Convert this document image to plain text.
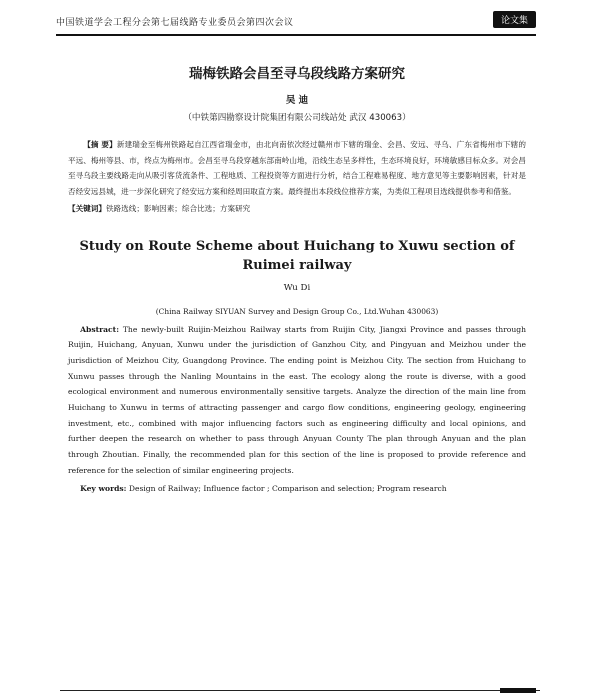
中国铁道学会工程分会第七届线路专业委员会第四次会议	论文集
瑞梅铁路会昌至寻乌段线路方案研究
吴 迪
（中铁第四勘察设计院集团有限公司线站处 武汉 430063）
【摘 要】新建瑞金至梅州铁路起自江西省瑞金市，由北向南依次经过赣州市下辖的瑞金、会昌、安远、寻乌、广东省梅州市下辖的平远、梅州等县、市，终点为梅州市。会昌至寻乌段穿越东部南岭山地，沿线生态呈多样性，生态环境良好，环境敏感目标众多。对会昌至寻乌段主要线路走向从吸引客货流条件、工程地质、工程投资等方面进行分析，结合工程难易程度、地方意见等主要影响因素，针对是否经安远县城，进一步深化研究了经安远方案和经周田取直方案。最终提出本段线位推荐方案，为类似工程项目选线提供参考和借鉴。
【关键词】铁路选线；影响因素；综合比选；方案研究
Study on Route Scheme about Huichang to Xuwu section of Ruimei railway
Wu Di
(China Railway SIYUAN Survey and Design Group Co., Ltd.Wuhan 430063)
Abstract: The newly-built Ruijin-Meizhou Railway starts from Ruijin City, Jiangxi Province and passes through Ruijin, Huichang, Anyuan, Xunwu under the jurisdiction of Ganzhou City, and Pingyuan and Meizhou under the jurisdiction of Meizhou City, Guangdong Province. The ending point is Meizhou City. The section from Huichang to Xunwu passes through the Nanling Mountains in the east. The ecology along the route is diverse, with a good ecological environment and numerous environmentally sensitive targets. Analyze the direction of the main line from Huichang to Xunwu in terms of attracting passenger and cargo flow conditions, engineering geology, engineering investment, etc., combined with major influencing factors such as engineering difficulty and local opinions, and further deepen the research on whether to pass through Anyuan County The plan through Anyuan and the plan through Zhoutian. Finally, the recommended plan for this section of the line is proposed to provide reference and reference for the selection of similar engineering projects.
Key words: Design of Railway; Influence factor ; Comparison and selection; Program research
